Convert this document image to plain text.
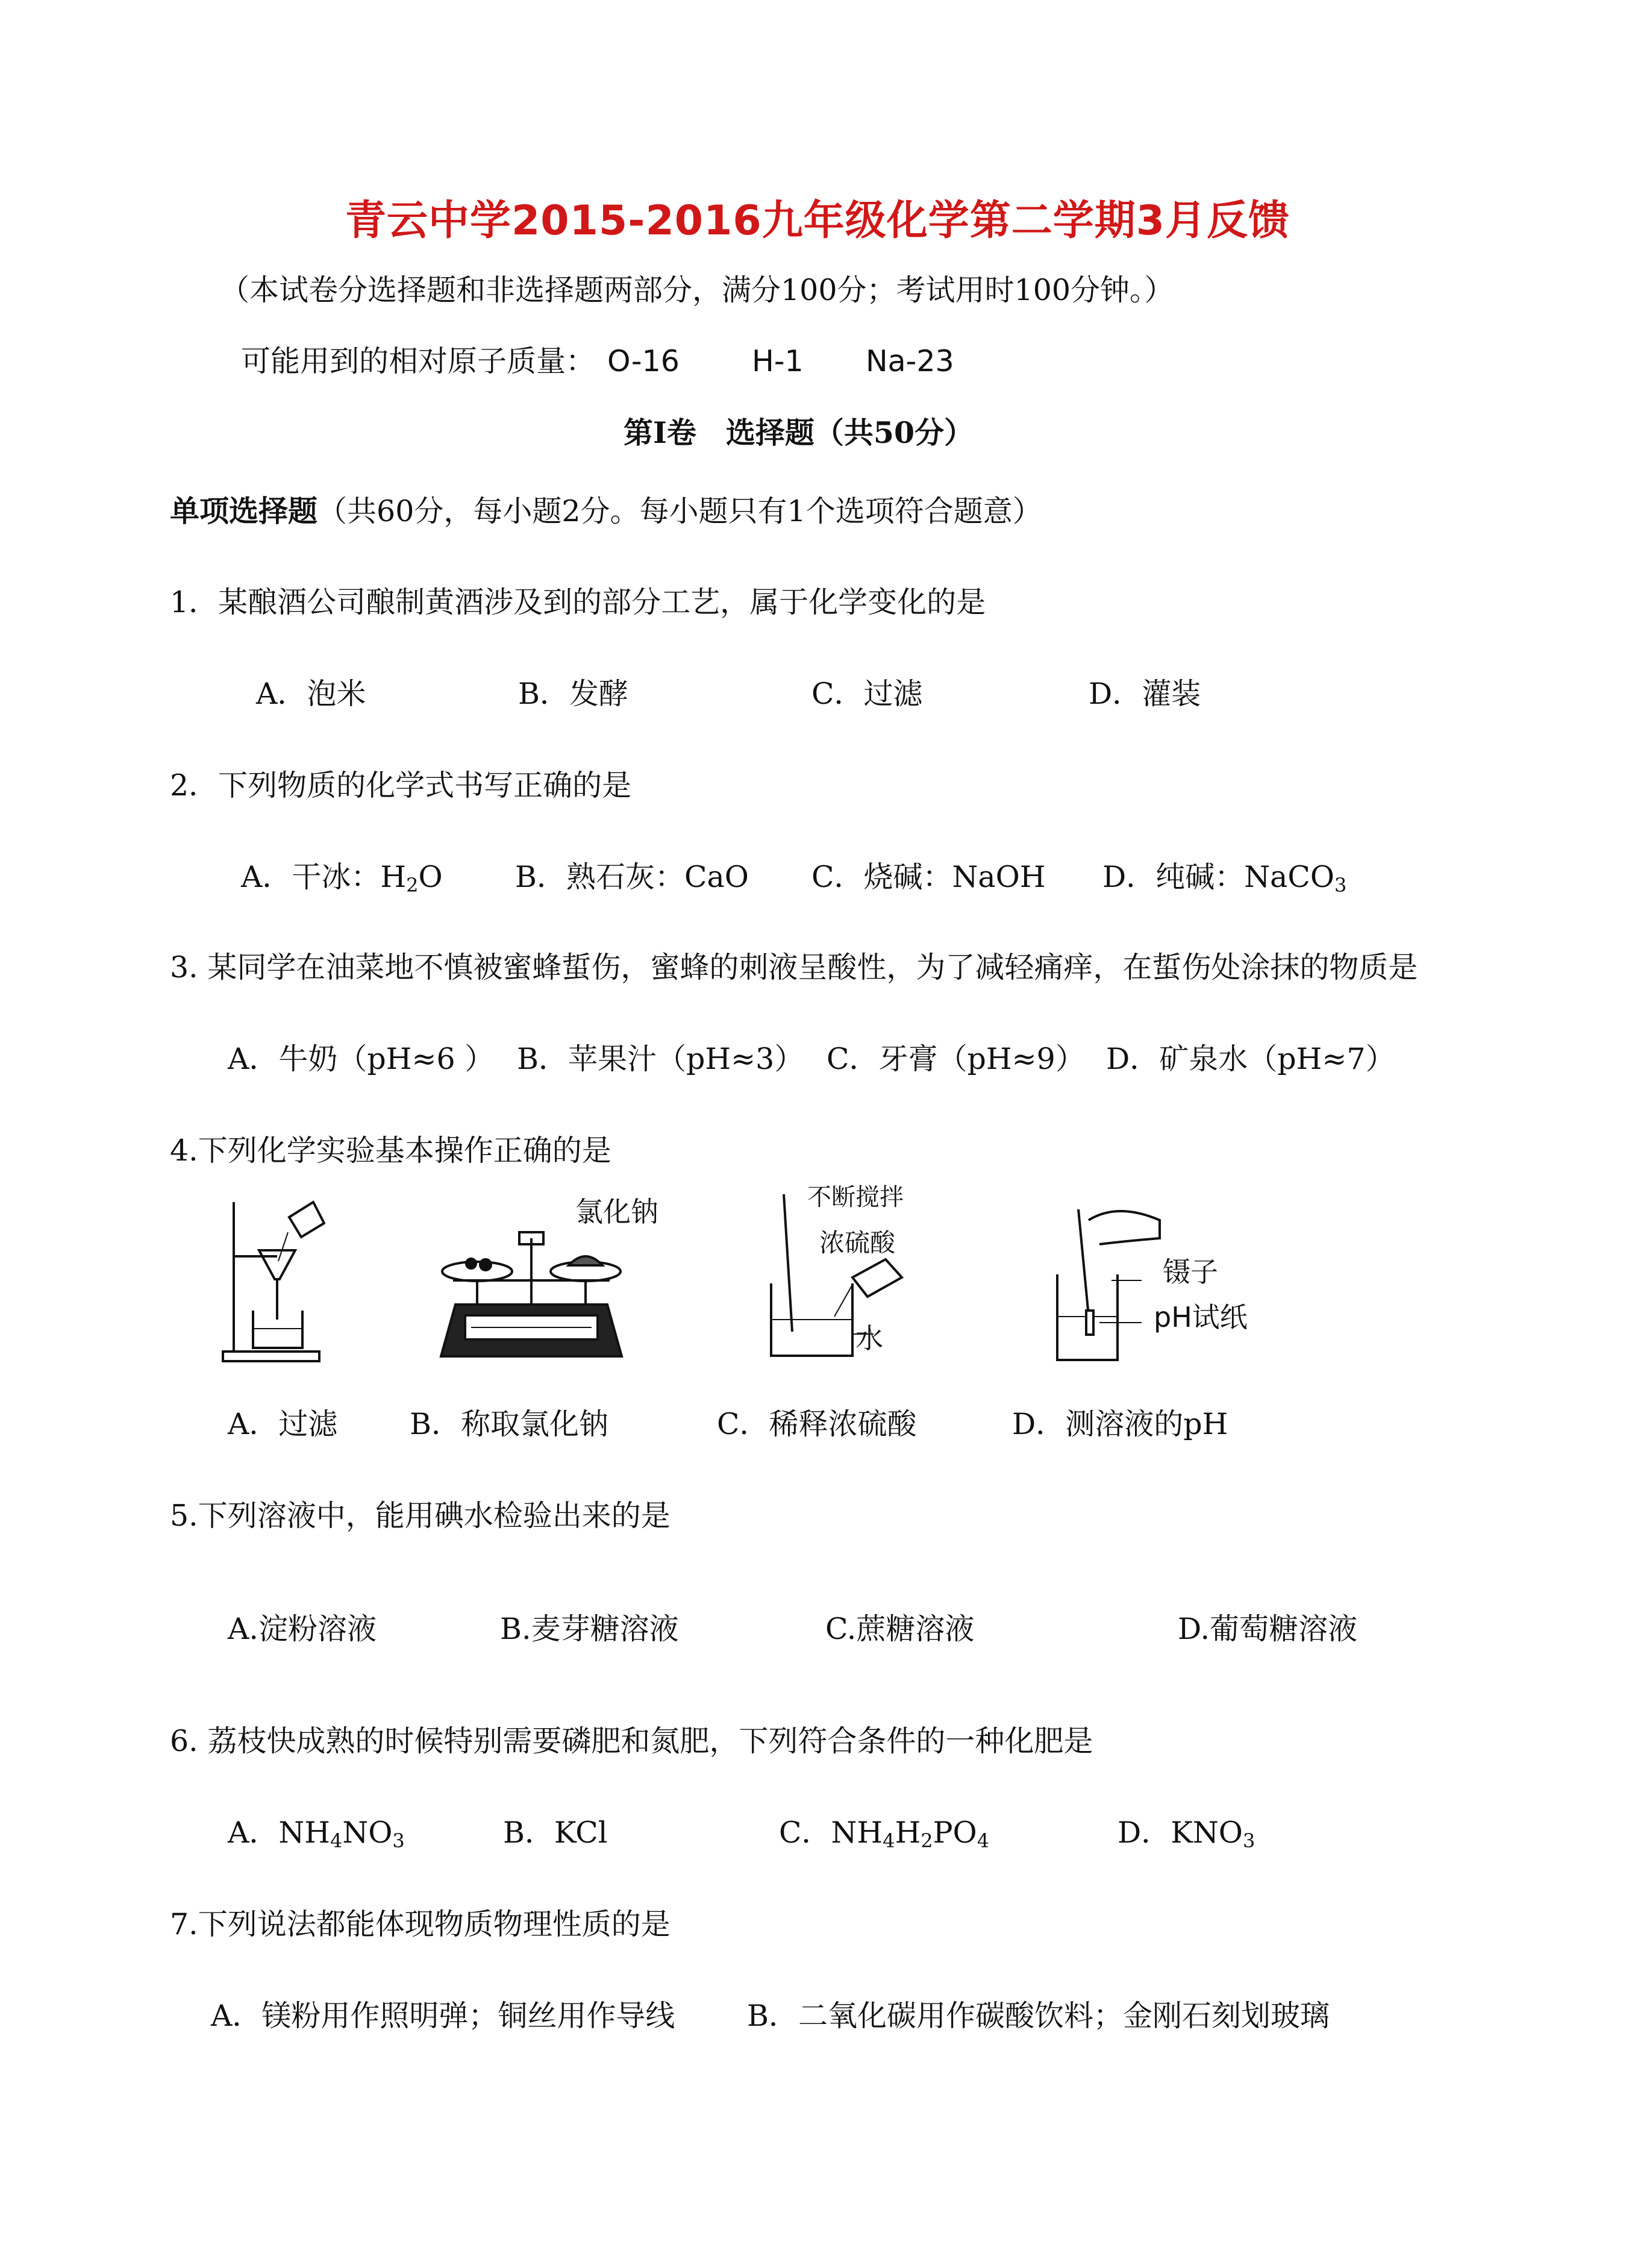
青云中学2015-2016九年级化学第二学期3月反馈
（本试卷分选择题和非选择题两部分，满分100分；考试用时100分钟。）
可能用到的相对原子质量： O-16 H-1 Na-23
第Ⅰ卷　选择题（共50分）
单项选择题（共60分，每小题2分。每小题只有1个选项符合题意）
1．某酿酒公司酿制黄酒涉及到的部分工艺，属于化学变化的是
A．泡米	B．发酵	C．过滤	D．灌装
2．下列物质的化学式书写正确的是
A．干冰：$H_2O$ B．熟石灰：CaO C．烧碱：NaOH D．纯碱：NaCO$_3$
3. 某同学在油菜地不慎被蜜蜂蜇伤，蜜蜂的刺液呈酸性，为了减轻痛痒，在蜇伤处涂抹的物质是
A．牛奶（pH≈6 ） B．苹果汁（pH≈3） C．牙膏（pH≈9） D．矿泉水（pH≈7）
4.下列化学实验基本操作正确的是
氯化钠	不断搅拌
浓硫酸
水
镊子
pH试纸
A．过滤 B．称取氯化钠	C．稀释浓硫酸	D．测溶液的pH
5.下列溶液中，能用碘水检验出来的是
A.淀粉溶液	B.麦芽糖溶液	C.蔗糖溶液	D.葡萄糖溶液
6. 荔枝快成熟的时候特别需要磷肥和氮肥，下列符合条件的一种化肥是
A．$NH_4NO_3$	B．KCl	C．$NH_4H_2PO_4$	D．$KNO_3$
7.下列说法都能体现物质物理性质的是
A．镁粉用作照明弹；铜丝用作导线 B．二氧化碳用作碳酸饮料；金刚石刻划玻璃
